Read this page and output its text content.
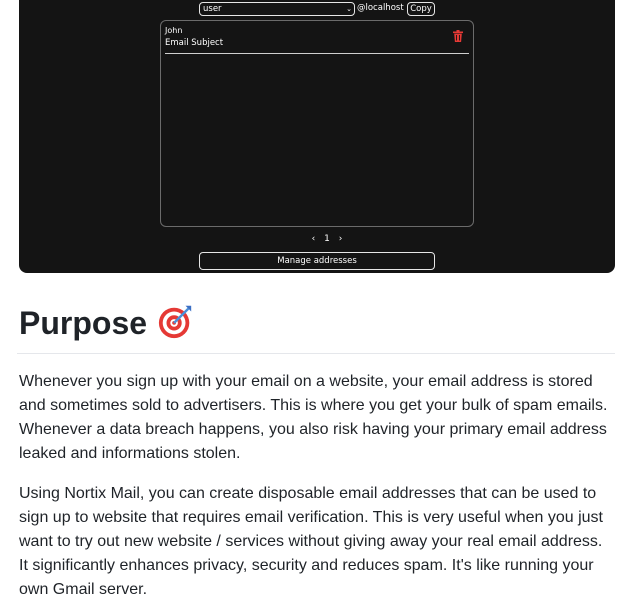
user	⌄ @localhost Copy
John
Email Subject
‹ 1 ›
Manage addresses
Purpose

Whenever you sign up with your email on a website, your email address is stored and sometimes sold to advertisers. This is where you get your bulk of spam emails. Whenever a data breach happens, you also risk having your primary email address leaked and informations stolen.

Using Nortix Mail, you can create disposable email addresses that can be used to sign up to website that requires email verification. This is very useful when you just want to try out new website / services without giving away your real email address. It significantly enhances privacy, security and reduces spam. It's like running your own Gmail server.
